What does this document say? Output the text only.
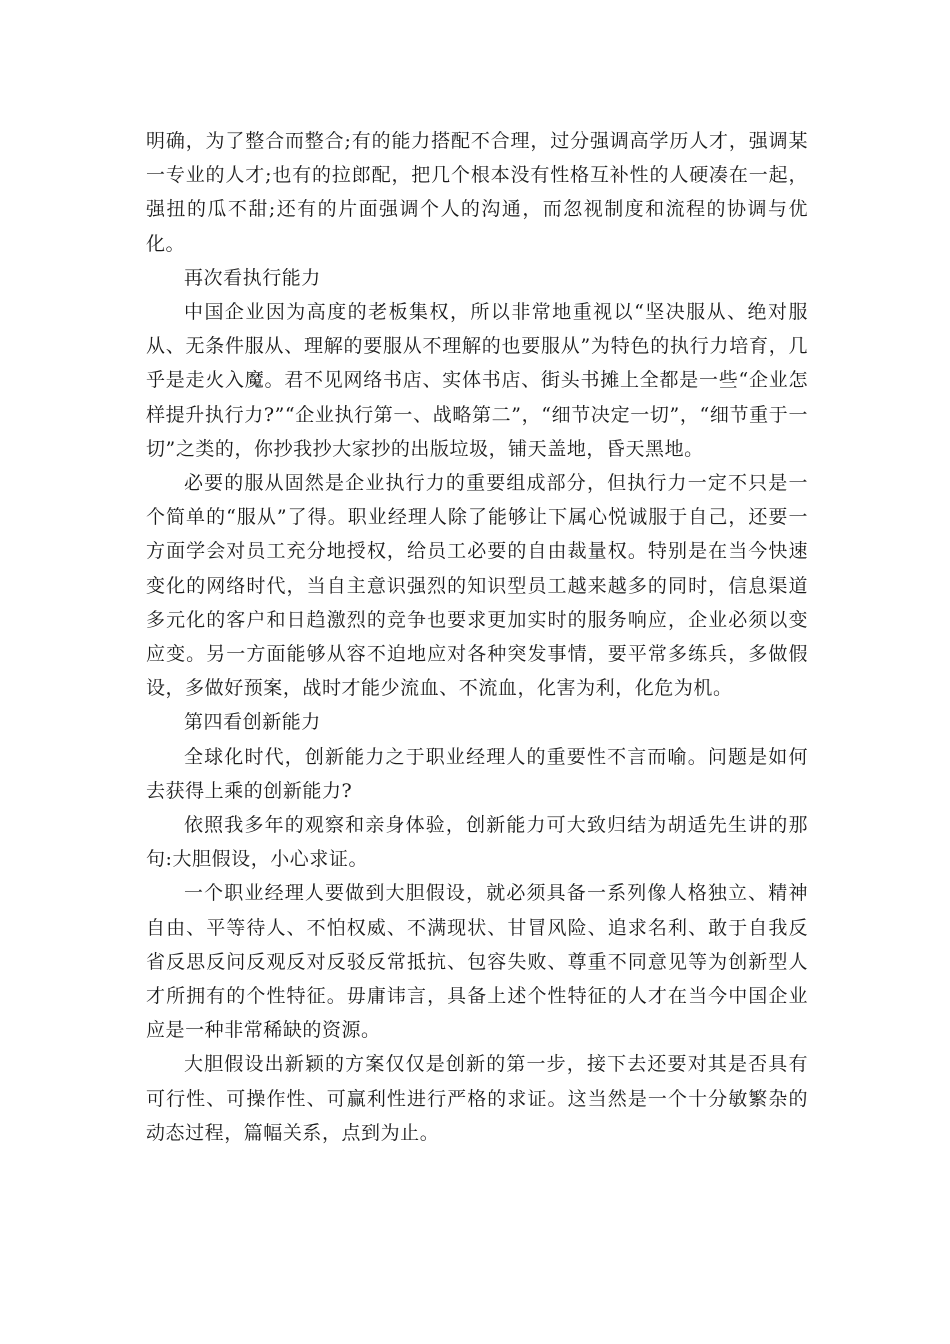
明确，为了整合而整合;有的能力搭配不合理，过分强调高学历人才，强调某一专业的人才;也有的拉郎配，把几个根本没有性格互补性的人硬凑在一起，强扭的瓜不甜;还有的片面强调个人的沟通，而忽视制度和流程的协调与优化。

再次看执行能力

中国企业因为高度的老板集权，所以非常地重视以“坚决服从、绝对服从、无条件服从、理解的要服从不理解的也要服从”为特色的执行力培育，几乎是走火入魔。君不见网络书店、实体书店、街头书摊上全都是一些“企业怎样提升执行力?”“企业执行第一、战略第二”，“细节决定一切”，“细节重于一切”之类的，你抄我抄大家抄的出版垃圾，铺天盖地，昏天黑地。

必要的服从固然是企业执行力的重要组成部分，但执行力一定不只是一个简单的“服从”了得。职业经理人除了能够让下属心悦诚服于自己，还要一方面学会对员工充分地授权，给员工必要的自由裁量权。特别是在当今快速变化的网络时代，当自主意识强烈的知识型员工越来越多的同时，信息渠道多元化的客户和日趋激烈的竞争也要求更加实时的服务响应，企业必须以变应变。另一方面能够从容不迫地应对各种突发事情，要平常多练兵，多做假设，多做好预案，战时才能少流血、不流血，化害为利，化危为机。

第四看创新能力

全球化时代，创新能力之于职业经理人的重要性不言而喻。问题是如何去获得上乘的创新能力?

依照我多年的观察和亲身体验，创新能力可大致归结为胡适先生讲的那句:大胆假设，小心求证。

一个职业经理人要做到大胆假设，就必须具备一系列像人格独立、精神自由、平等待人、不怕权威、不满现状、甘冒风险、追求名利、敢于自我反省反思反问反观反对反驳反常抵抗、包容失败、尊重不同意见等为创新型人才所拥有的个性特征。毋庸讳言，具备上述个性特征的人才在当今中国企业应是一种非常稀缺的资源。

大胆假设出新颖的方案仅仅是创新的第一步，接下去还要对其是否具有可行性、可操作性、可赢利性进行严格的求证。这当然是一个十分敏繁杂的动态过程，篇幅关系，点到为止。
